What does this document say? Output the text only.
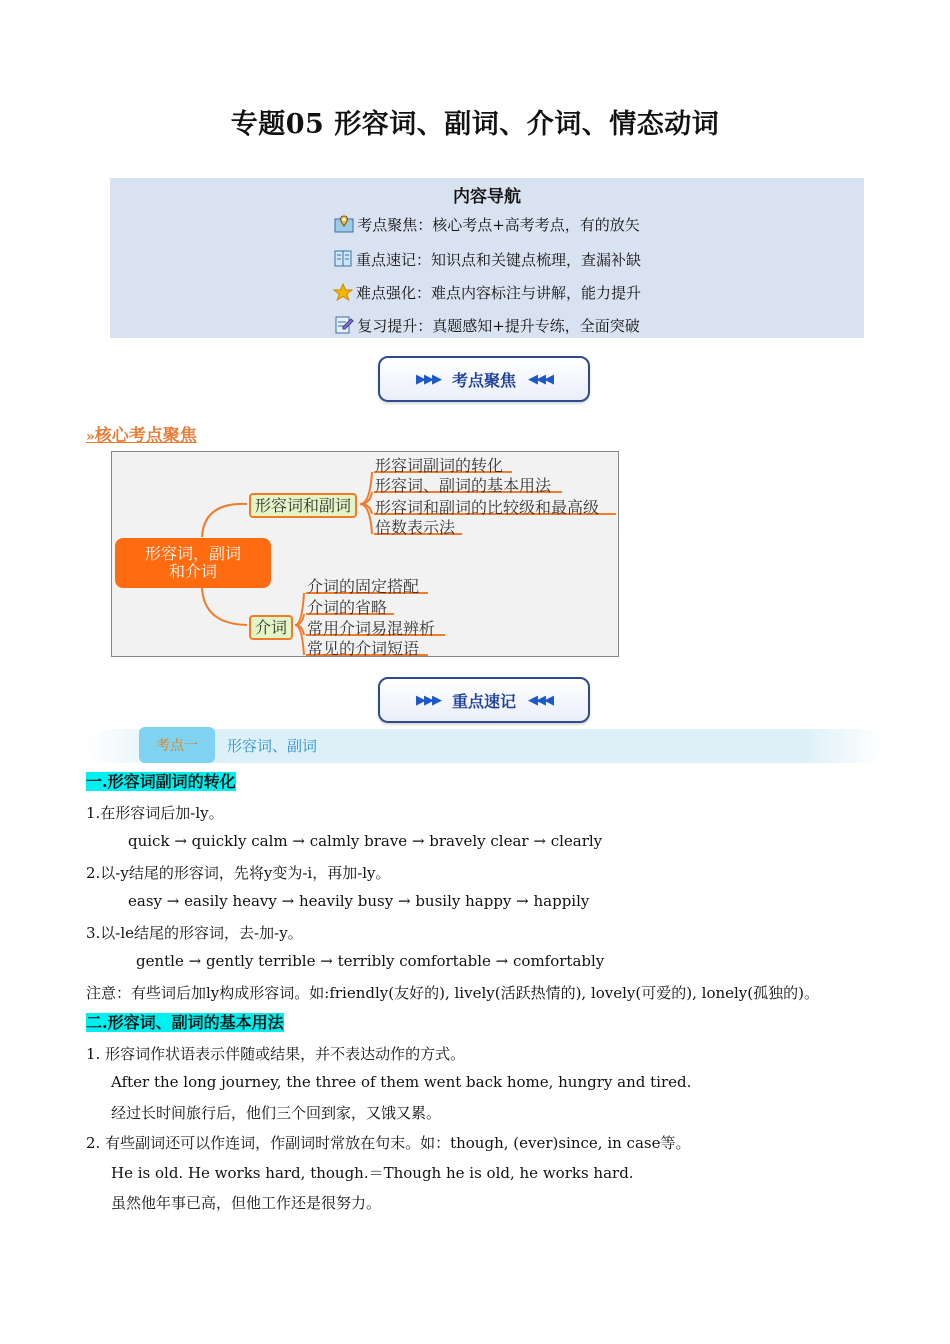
专题05 形容词、副词、介词、情态动词
内容导航
考点聚焦：核心考点+高考考点，有的放矢
重点速记：知识点和关键点梳理，查漏补缺
难点强化：难点内容标注与讲解，能力提升
复习提升：真题感知+提升专练，全面突破
▶▶▶ 考点聚焦 ◀◀◀
»核心考点聚焦
形容词，副词和介词
形容词和副词
介词
形容词副词的转化
形容词、副词的基本用法
形容词和副词的比较级和最高级
倍数表示法
介词的固定搭配
介词的省略
常用介词易混辨析
常见的介词短语
▶▶▶ 重点速记 ◀◀◀
考点一	形容词、副词
一.形容词副词的转化
1.在形容词后加-ly。
quick → quickly calm → calmly brave → bravely clear → clearly
2.以-y结尾的形容词，先将y变为-i，再加-ly。
easy → easily heavy → heavily busy → busily happy → happily
3.以-le结尾的形容词，去-加-y。
gentle → gently terrible → terribly comfortable → comfortably
注意：有些词后加ly构成形容词。如:friendly(友好的), lively(活跃热情的), lovely(可爱的), lonely(孤独的)。
二.形容词、副词的基本用法
1. 形容词作状语表示伴随或结果，并不表达动作的方式。
After the long journey, the three of them went back home, hungry and tired.
经过长时间旅行后，他们三个回到家，又饿又累。
2. 有些副词还可以作连词，作副词时常放在句末。如：though, (ever)since, in case等。
He is old. He works hard, though.＝Though he is old, he works hard.
虽然他年事已高，但他工作还是很努力。
